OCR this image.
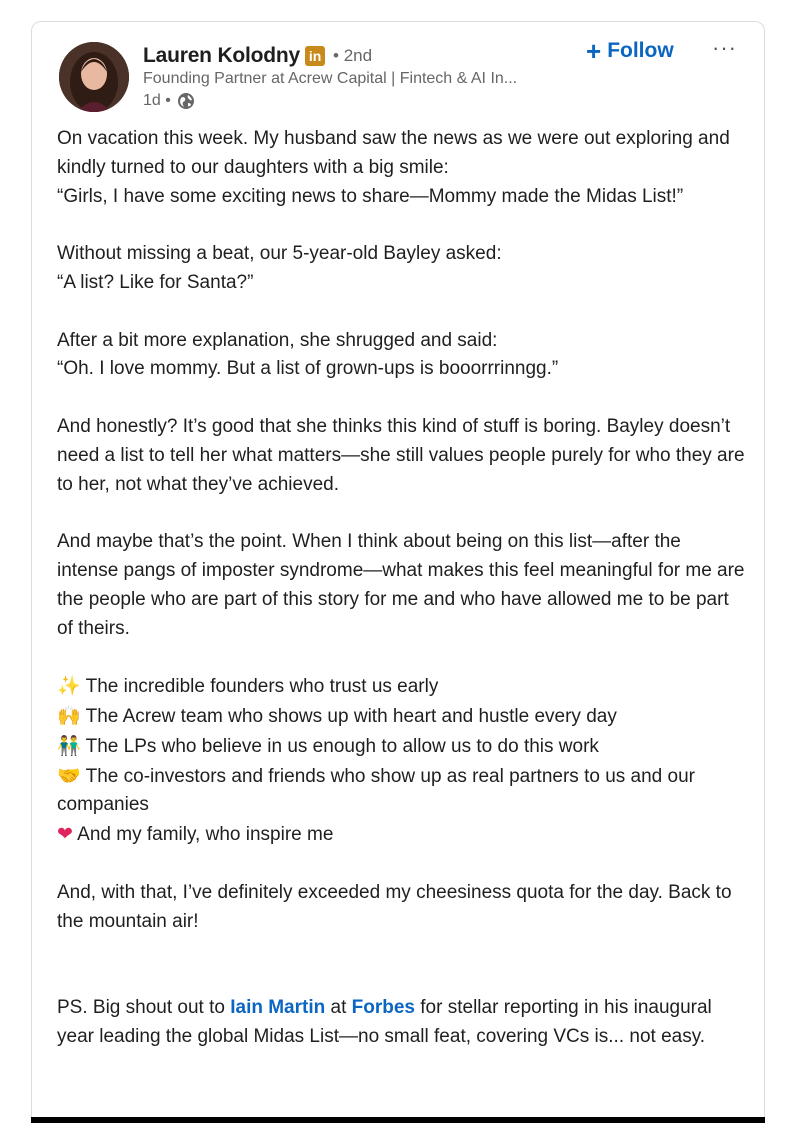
Lauren Kolodny in • 2nd
Founding Partner at Acrew Capital | Fintech & AI In...
1d •
+ Follow ···

On vacation this week. My husband saw the news as we were out exploring and kindly turned to our daughters with a big smile:

“Girls, I have some exciting news to share—Mommy made the Midas List!”

Without missing a beat, our 5-year-old Bayley asked:

“A list? Like for Santa?”

After a bit more explanation, she shrugged and said:

“Oh. I love mommy. But a list of grown-ups is booorrrinngg.”

And honestly? It’s good that she thinks this kind of stuff is boring. Bayley doesn’t need a list to tell her what matters—she still values people purely for who they are to her, not what they’ve achieved.

And maybe that’s the point. When I think about being on this list—after the intense pangs of imposter syndrome—what makes this feel meaningful for me are the people who are part of this story for me and who have allowed me to be part of theirs.

✨ The incredible founders who trust us early

🙌 The Acrew team who shows up with heart and hustle every day

👬 The LPs who believe in us enough to allow us to do this work

🤝 The co-investors and friends who show up as real partners to us and our companies

❤ And my family, who inspire me

And, with that, I’ve definitely exceeded my cheesiness quota for the day. Back to the mountain air!

PS. Big shout out to Iain Martin at Forbes for stellar reporting in his inaugural year leading the global Midas List—no small feat, covering VCs is... not easy.
